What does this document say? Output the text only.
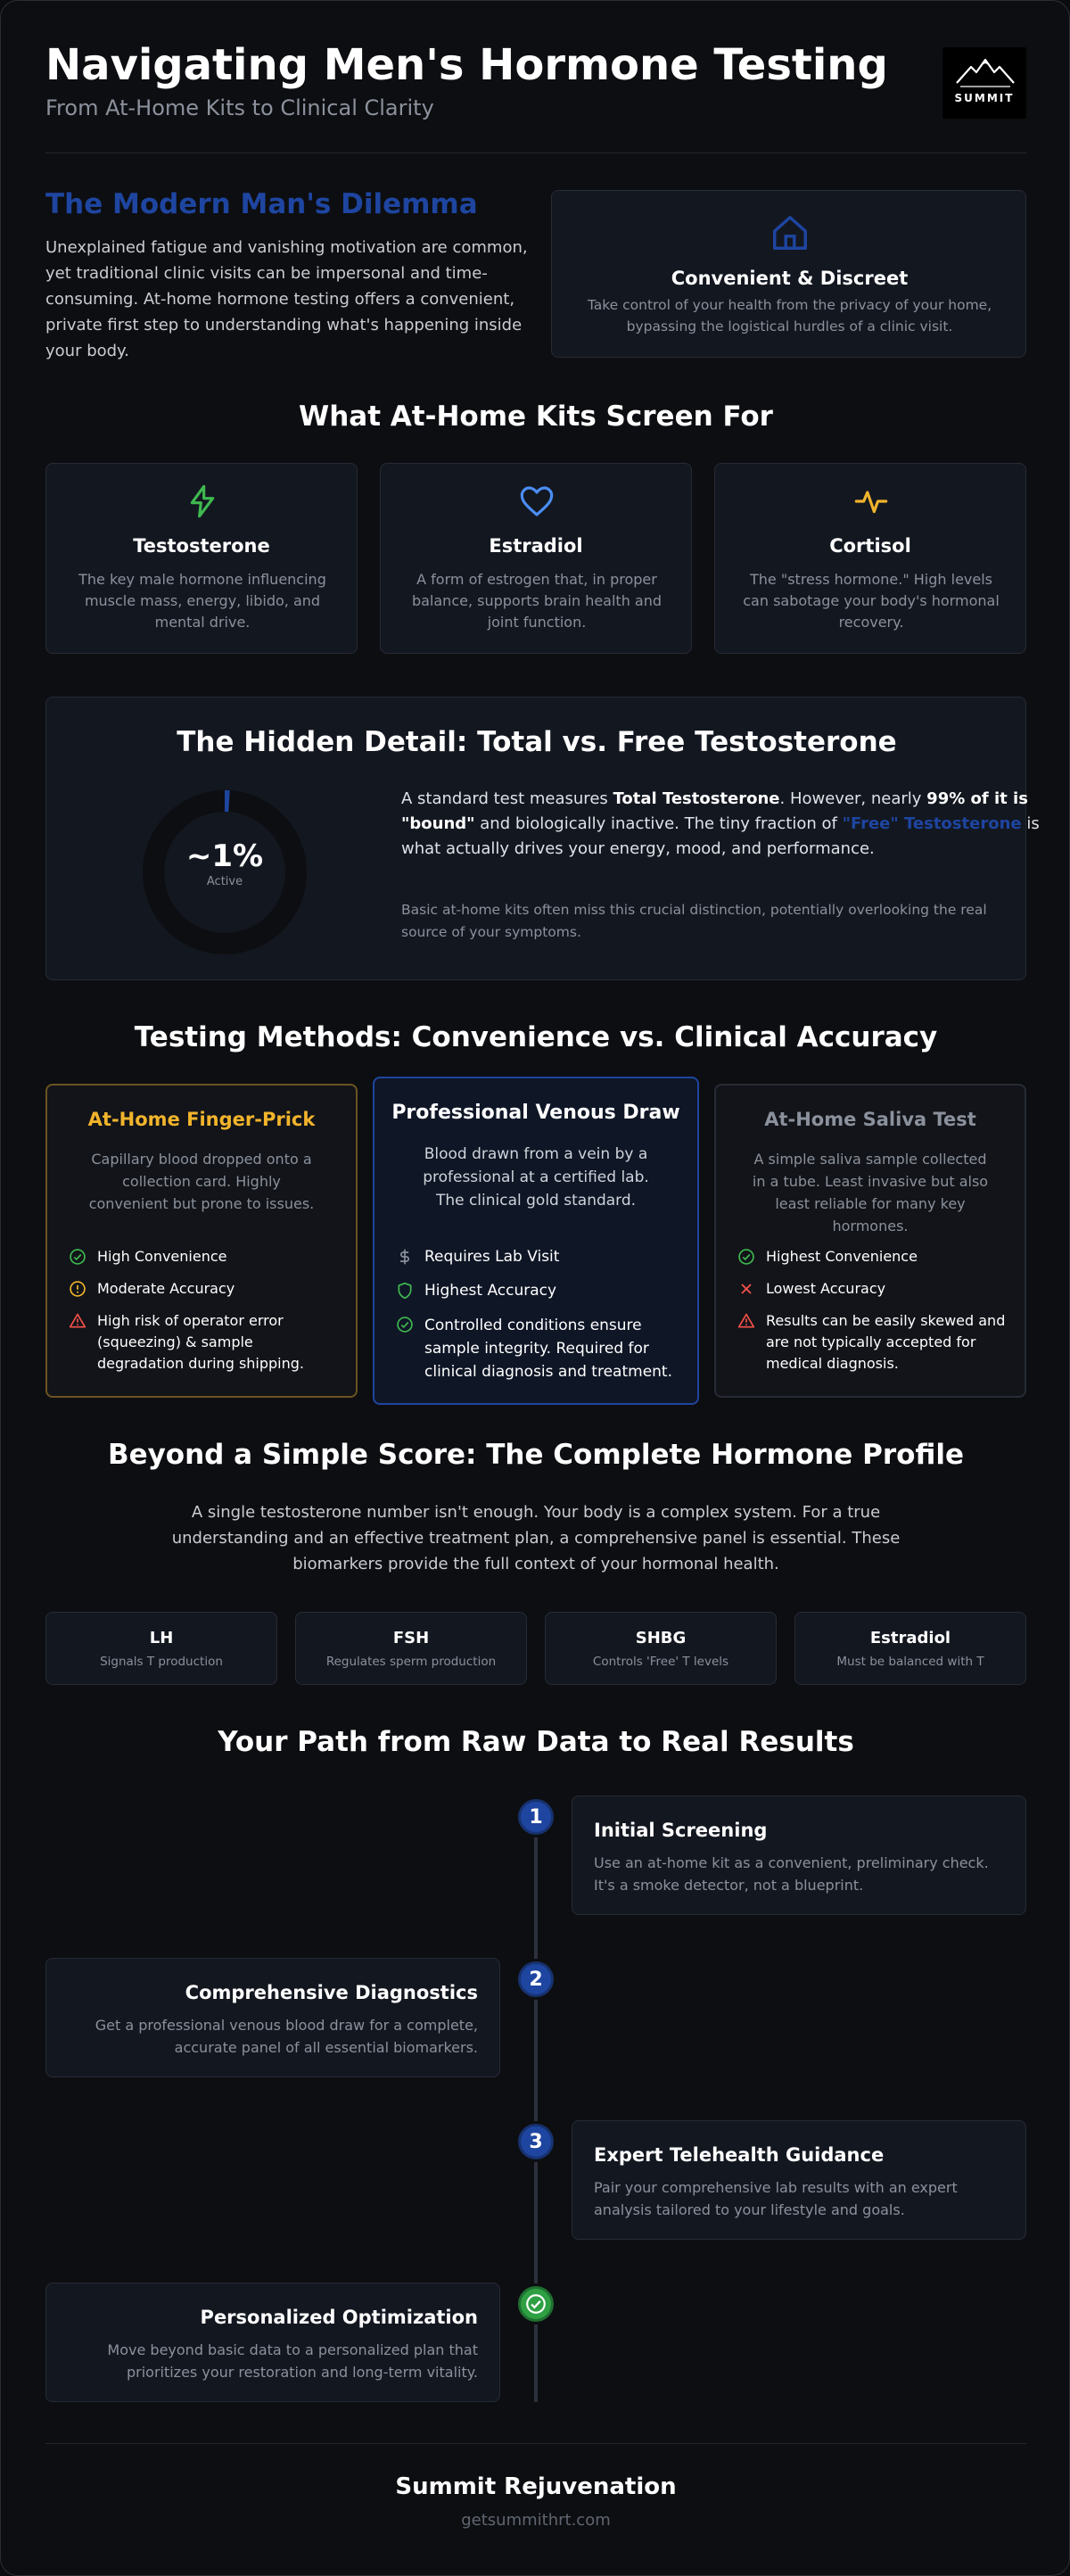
Navigating Men's Hormone Testing
From At-Home Kits to Clinical Clarity	SUMMIT
The Modern Man's Dilemma
Unexplained fatigue and vanishing motivation are common, yet traditional clinic visits can be impersonal and time-consuming. At-home hormone testing offers a convenient, private first step to understanding what's happening inside your body.
Convenient & Discreet
Take control of your health from the privacy of your home, bypassing the logistical hurdles of a clinic visit.
What At-Home Kits Screen For
Testosterone
The key male hormone influencing muscle mass, energy, libido, and mental drive.
Estradiol
A form of estrogen that, in proper balance, supports brain health and joint function.
Cortisol
The "stress hormone." High levels can sabotage your body's hormonal recovery.
The Hidden Detail: Total vs. Free Testosterone
~1%
Active
A standard test measures Total Testosterone. However, nearly 99% of it is "bound" and biologically inactive. The tiny fraction of "Free" Testosterone is what actually drives your energy, mood, and performance.
Basic at-home kits often miss this crucial distinction, potentially overlooking the real source of your symptoms.
Testing Methods: Convenience vs. Clinical Accuracy
At-Home Finger-Prick
Capillary blood dropped onto a collection card. Highly convenient but prone to issues.
High Convenience
Moderate Accuracy
High risk of operator error (squeezing) & sample degradation during shipping.
Professional Venous Draw
Blood drawn from a vein by a professional at a certified lab. The clinical gold standard.
Requires Lab Visit
Highest Accuracy
Controlled conditions ensure sample integrity. Required for clinical diagnosis and treatment.
At-Home Saliva Test
A simple saliva sample collected in a tube. Least invasive but also least reliable for many key hormones.
Highest Convenience
Lowest Accuracy
Results can be easily skewed and are not typically accepted for medical diagnosis.
Beyond a Simple Score: The Complete Hormone Profile
A single testosterone number isn't enough. Your body is a complex system. For a true understanding and an effective treatment plan, a comprehensive panel is essential. These biomarkers provide the full context of your hormonal health.
LH
Signals T production
FSH
Regulates sperm production
SHBG
Controls 'Free' T levels
Estradiol
Must be balanced with T
Your Path from Raw Data to Real Results
1
Initial Screening
Use an at-home kit as a convenient, preliminary check. It's a smoke detector, not a blueprint.
2
Comprehensive Diagnostics
Get a professional venous blood draw for a complete, accurate panel of all essential biomarkers.
3
Expert Telehealth Guidance
Pair your comprehensive lab results with an expert analysis tailored to your lifestyle and goals.
Personalized Optimization
Move beyond basic data to a personalized plan that prioritizes your restoration and long-term vitality.
Summit Rejuvenation
getsummithrt.com
